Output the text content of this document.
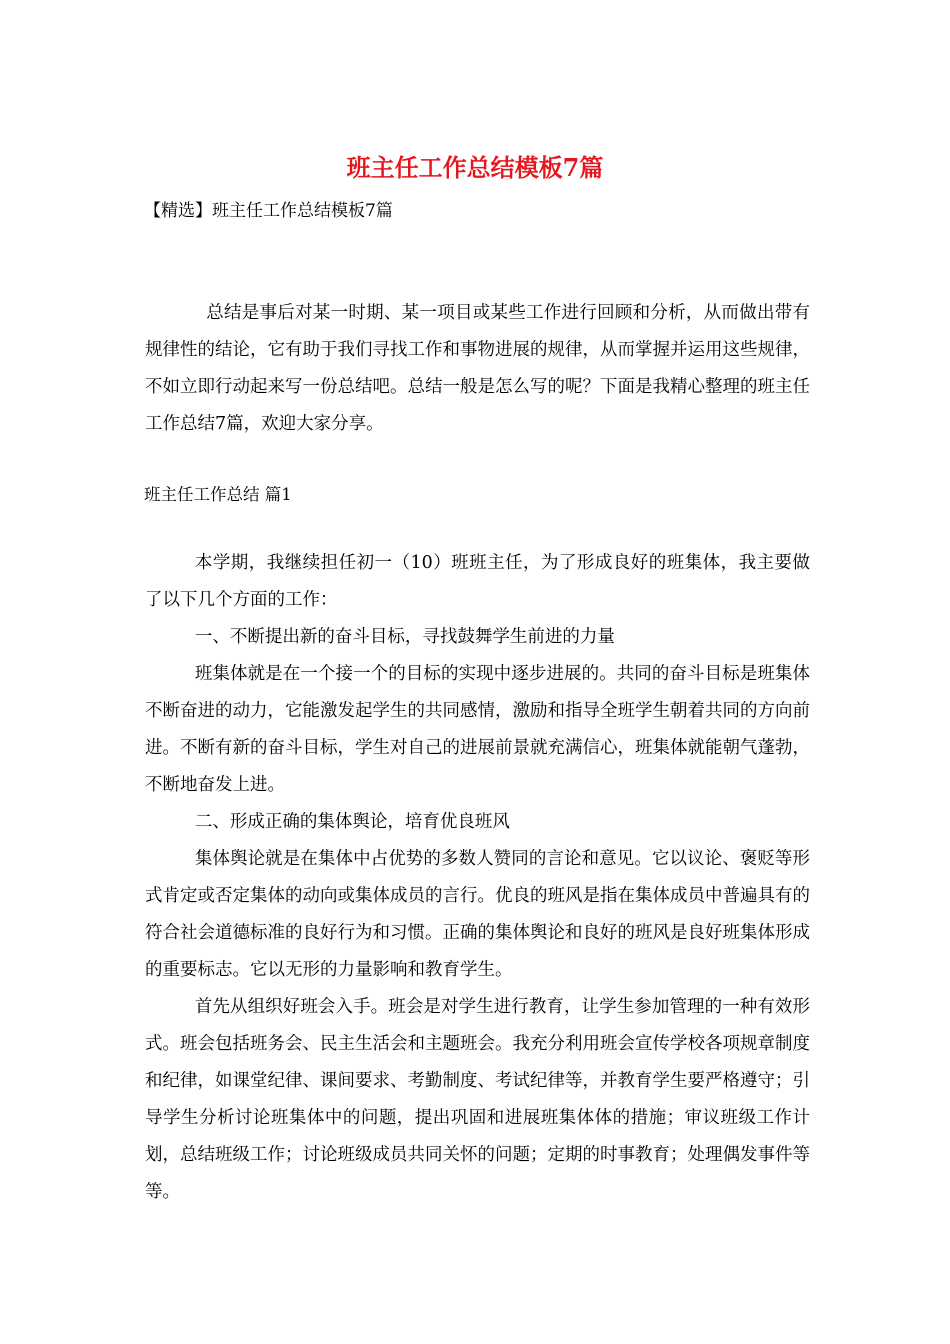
班主任工作总结模板7篇
【精选】班主任工作总结模板7篇
总结是事后对某一时期、某一项目或某些工作进行回顾和分析，从而做出带有规律性的结论，它有助于我们寻找工作和事物进展的规律，从而掌握并运用这些规律，不如立即行动起来写一份总结吧。总结一般是怎么写的呢？下面是我精心整理的班主任工作总结7篇，欢迎大家分享。
班主任工作总结 篇1

本学期，我继续担任初一（10）班班主任，为了形成良好的班集体，我主要做了以下几个方面的工作：

一、不断提出新的奋斗目标，寻找鼓舞学生前进的力量

班集体就是在一个接一个的目标的实现中逐步进展的。共同的奋斗目标是班集体不断奋进的动力，它能激发起学生的共同感情，激励和指导全班学生朝着共同的方向前进。不断有新的奋斗目标，学生对自己的进展前景就充满信心，班集体就能朝气蓬勃，不断地奋发上进。

二、形成正确的集体舆论，培育优良班风

集体舆论就是在集体中占优势的多数人赞同的言论和意见。它以议论、褒贬等形式肯定或否定集体的动向或集体成员的言行。优良的班风是指在集体成员中普遍具有的符合社会道德标准的良好行为和习惯。正确的集体舆论和良好的班风是良好班集体形成的重要标志。它以无形的力量影响和教育学生。

首先从组织好班会入手。班会是对学生进行教育，让学生参加管理的一种有效形式。班会包括班务会、民主生活会和主题班会。我充分利用班会宣传学校各项规章制度和纪律，如课堂纪律、课间要求、考勤制度、考试纪律等，并教育学生要严格遵守；引导学生分析讨论班集体中的问题，提出巩固和进展班集体体的措施；审议班级工作计划，总结班级工作；讨论班级成员共同关怀的问题；定期的时事教育；处理偶发事件等等。
